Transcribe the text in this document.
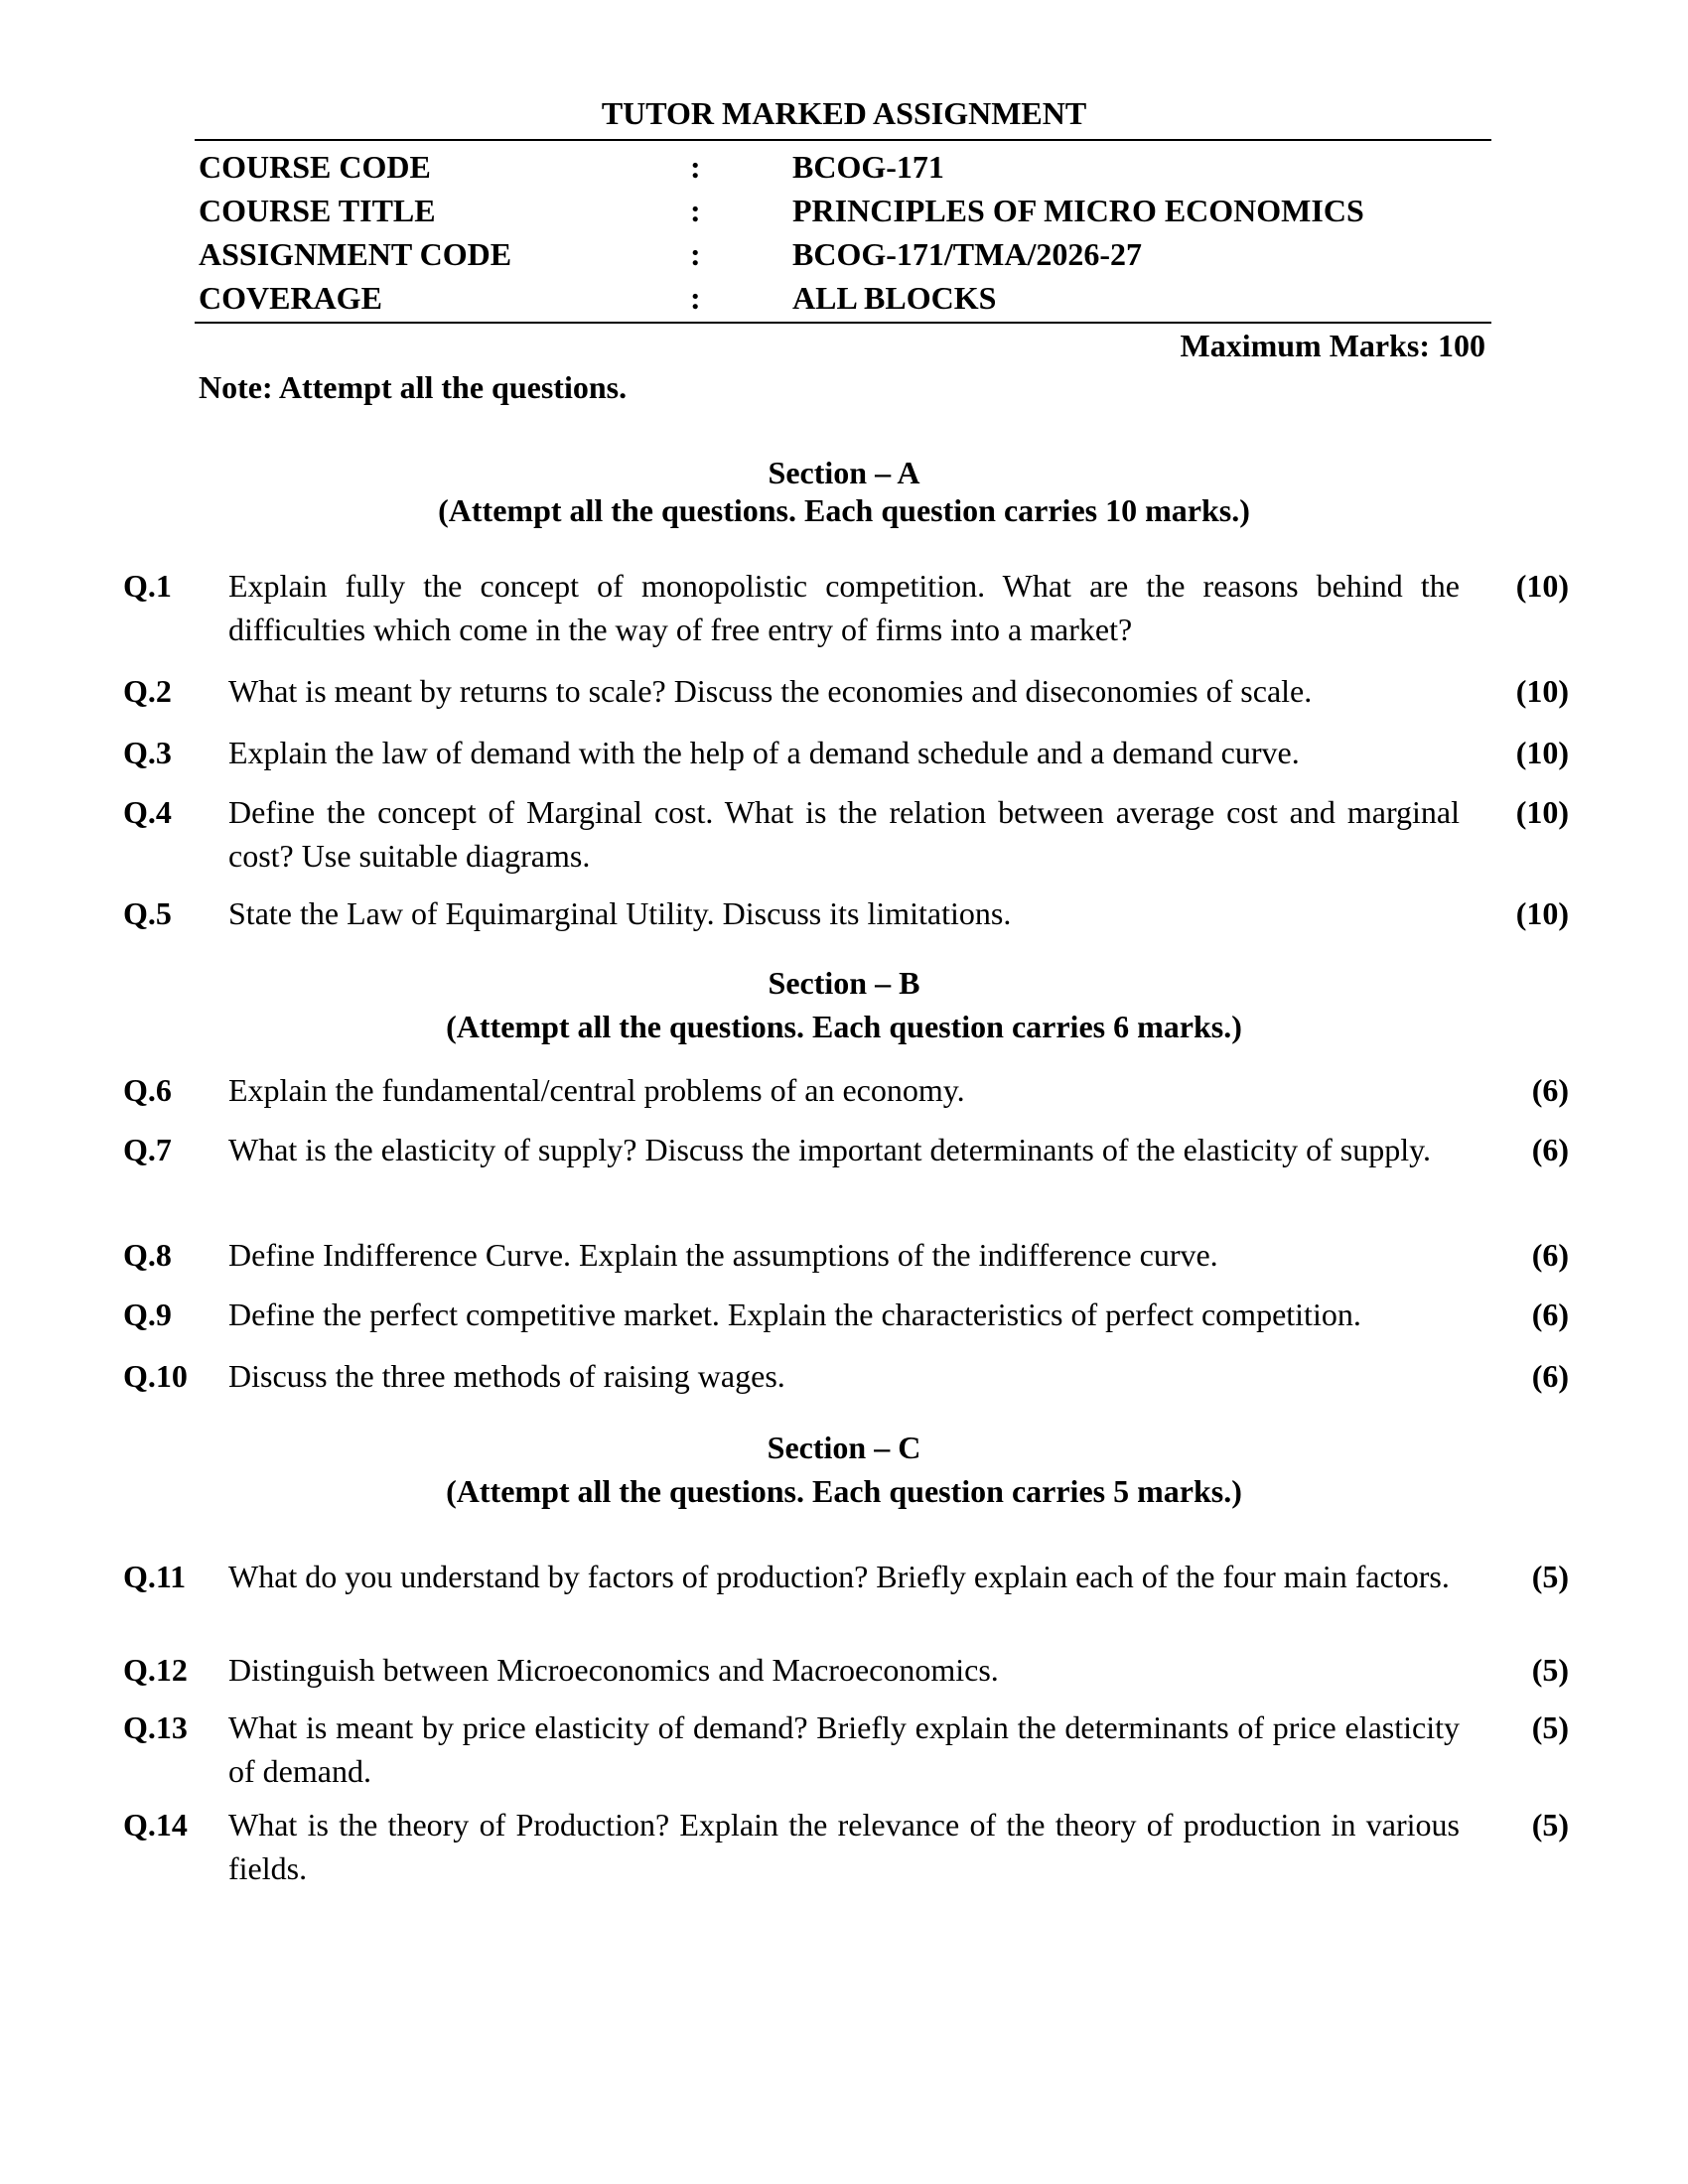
TUTOR MARKED ASSIGNMENT
COURSE CODE	:	BCOG-171
COURSE TITLE	:	PRINCIPLES OF MICRO ECONOMICS
ASSIGNMENT CODE	:	BCOG-171/TMA/2026-27
COVERAGE	:	ALL BLOCKS
Maximum Marks: 100
Note: Attempt all the questions.
Section – A
(Attempt all the questions. Each question carries 10 marks.)
Q.1 Explain fully the concept of monopolistic competition. What are the reasons behind the difficulties which come in the way of free entry of firms into a market?
(10)
Q.2 What is meant by returns to scale? Discuss the economies and diseconomies of scale.	(10)
Q.3 Explain the law of demand with the help of a demand schedule and a demand curve.	(10)
Q.4 Define the concept of Marginal cost. What is the relation between average cost and marginal cost? Use suitable diagrams.
(10)
Q.5 State the Law of Equimarginal Utility. Discuss its limitations.	(10)
Section – B
(Attempt all the questions. Each question carries 6 marks.)
Q.6 Explain the fundamental/central problems of an economy.	(6)
Q.7 What is the elasticity of supply? Discuss the important determinants of the elasticity of supply.	(6)
Q.8 Define Indifference Curve. Explain the assumptions of the indifference curve.	(6)
Q.9 Define the perfect competitive market. Explain the characteristics of perfect competition.	(6)
Q.10 Discuss the three methods of raising wages.	(6)
Section – C
(Attempt all the questions. Each question carries 5 marks.)
Q.11 What do you understand by factors of production? Briefly explain each of the four main factors.	(5)
Q.12 Distinguish between Microeconomics and Macroeconomics.	(5)
Q.13 What is meant by price elasticity of demand? Briefly explain the determinants of price elasticity of demand.
(5)
Q.14 What is the theory of Production? Explain the relevance of the theory of production in various fields.
(5)
